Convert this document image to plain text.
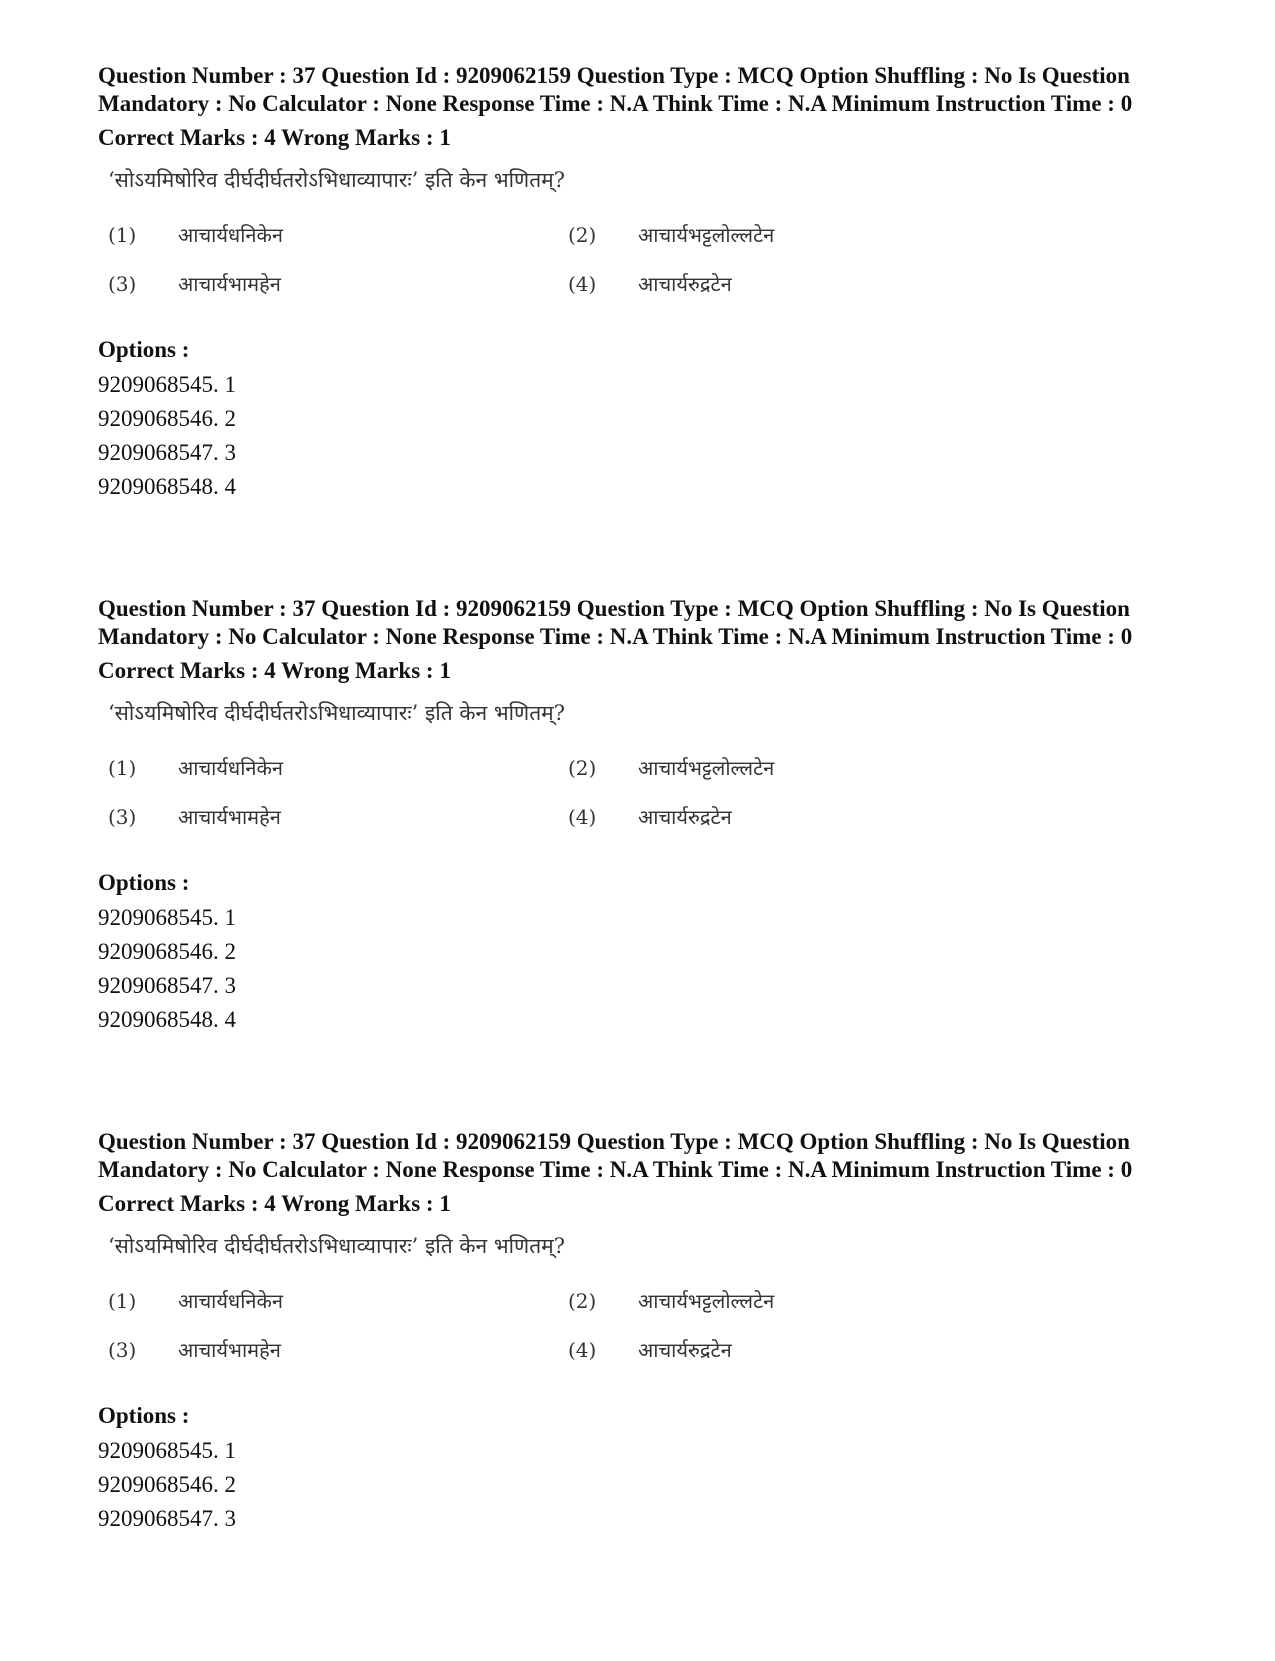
Question Number : 37 Question Id : 9209062159 Question Type : MCQ Option Shuffling : No Is Question Mandatory : No Calculator : None Response Time : N.A Think Time : N.A Minimum Instruction Time : 0

Correct Marks : 4 Wrong Marks : 1
‘सोऽयमिषोरिव दीर्घदीर्घतरोऽभिधाव्यापारः’ इति केन भणितम्?
(1) आचार्यधनिकेन	(2) आचार्यभट्टलोल्लटेन
(3) आचार्यभामहेन	(4) आचार्यरुद्रटेन
Options :
9209068545. 1
9209068546. 2
9209068547. 3
9209068548. 4

Question Number : 37 Question Id : 9209062159 Question Type : MCQ Option Shuffling : No Is Question Mandatory : No Calculator : None Response Time : N.A Think Time : N.A Minimum Instruction Time : 0

Correct Marks : 4 Wrong Marks : 1
‘सोऽयमिषोरिव दीर्घदीर्घतरोऽभिधाव्यापारः’ इति केन भणितम्?
(1) आचार्यधनिकेन	(2) आचार्यभट्टलोल्लटेन
(3) आचार्यभामहेन	(4) आचार्यरुद्रटेन
Options :
9209068545. 1
9209068546. 2
9209068547. 3
9209068548. 4

Question Number : 37 Question Id : 9209062159 Question Type : MCQ Option Shuffling : No Is Question Mandatory : No Calculator : None Response Time : N.A Think Time : N.A Minimum Instruction Time : 0

Correct Marks : 4 Wrong Marks : 1
‘सोऽयमिषोरिव दीर्घदीर्घतरोऽभिधाव्यापारः’ इति केन भणितम्?
(1) आचार्यधनिकेन	(2) आचार्यभट्टलोल्लटेन
(3) आचार्यभामहेन	(4) आचार्यरुद्रटेन
Options :
9209068545. 1
9209068546. 2
9209068547. 3
